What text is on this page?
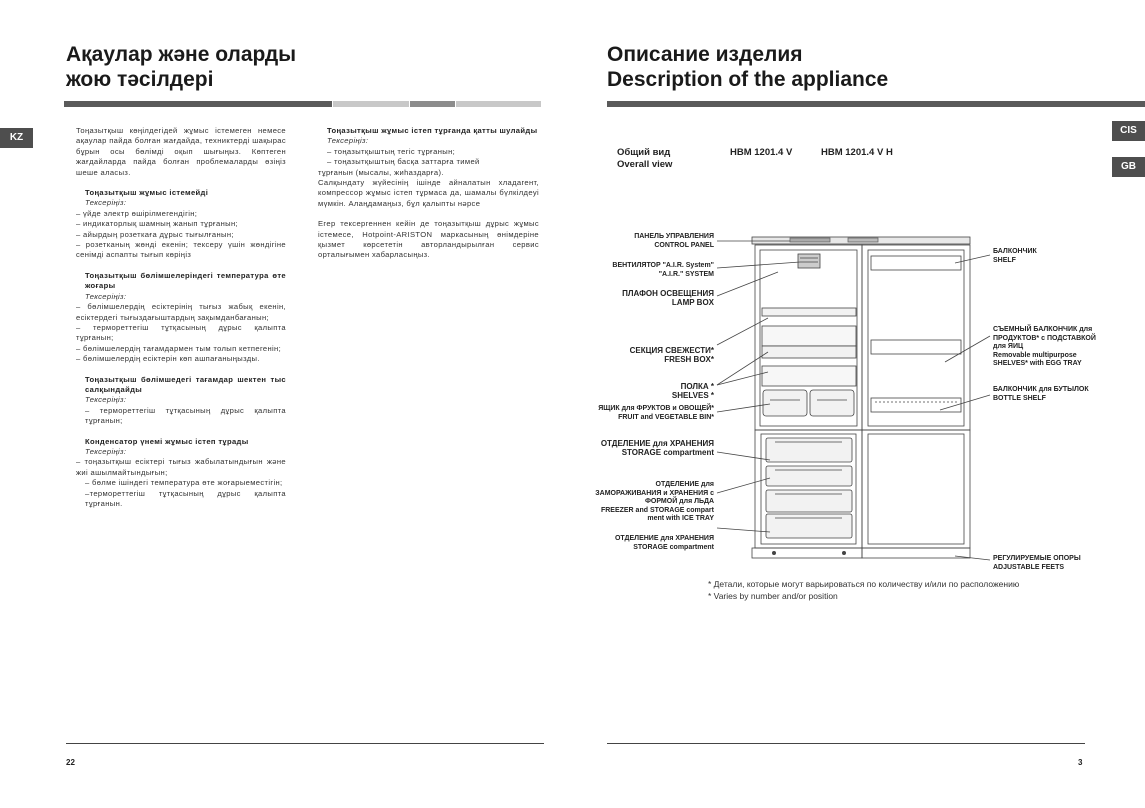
Ақаулар және оларды
жою тәсілдері
KZ

Тоңазытқыш көңілдегідей жұмыс істемеген немесе ақаулар пайда болған жағдайда, техниктерді шақырас бұрын осы бөлімді оқып шығыңыз. Көптеген жағдайларда пайда болған проблемаларды өзіңіз шеше аласыз.

Тоңазытқыш жұмыс істемейді

Тексеріңіз:

– үйде электр өшірілмегендігін;

– индикаторлық шамның жанып тұрғанын;

– айырдың розеткаға дұрыс тығылғанын;

– розетканың жөнді екенін; тексеру үшін жөндігіне сенімді аспапты тығып көріңіз

Тоңазытқыш бөлімшелеріндегі температура өте жоғары

Тексеріңіз:

– бөлімшелердің есіктерінің тығыз жабық екенін, есіктердегі тығыздағыштардың зақымданбағанын;

– термореттегіш тұтқасының дұрыс қалыпта тұрғанын;

– бөлімшелердің тағамдармен тым толып кетпегенін;

– бөлімшелердің есіктерін көп ашпағаныңызды.

Тоңазытқыш бөлімшедегі тағамдар шектен тыс салқындайды

Тексеріңіз:

– термореттегіш тұтқасының дұрыс қалыпта тұрғанын;

Конденсатор үнемі жұмыс істеп тұрады

Тексеріңіз:

– тоңазытқыш есіктері тығыз жабылатындығын және жиі ашылмайтындығын;

– бөлме ішіндегі температура өте жоғарыемеcтігін;

–термореттегіш тұтқасының дұрыс қалыпта тұрғанын.

Тоңазытқыш жұмыс істеп тұрғанда қатты шулайды

Тексеріңіз:

– тоңазытқыштың тегіс тұрғанын;

– тоңазытқыштың басқа заттарға тимей

тұрғанын (мысалы, жиһаздарға).

Салқындату жүйесінің ішінде айналатын хладагент, компрессор жұмыс істеп тұрмаса да, шамалы бүлкілдеуі мүмкін. Алаңдамаңыз, бұл қалыпты нәрсе

Егер тексергеннен кейін де тоңазытқыш дұрыс жұмыс істемесе, Hotpoint-ARISTON маркасының өнімдеріне қызмет көрсететін авторландырылған сервис орталығымен хабарласыңыз.

22
Описание изделия
Description of the appliance
CIS
GB
Общий вид
Overall view
HBM 1201.4 V	HBM 1201.4 V H
ПАНЕЛЬ УПРАВЛЕНИЯ
CONTROL PANEL

ВЕНТИЛЯТОР "A.I.R. System"
"A.I.R." SYSTEM

ПЛАФОН ОСВЕЩЕНИЯ
LAMP BOX

СЕКЦИЯ СВЕЖЕСТИ*
FRESH BOX*

ПОЛКА *
SHELVES *

ЯЩИК для ФРУКТОВ и ОВОЩЕЙ*
FRUIT and VEGETABLE BIN*

ОТДЕЛЕНИЕ для ХРАНЕНИЯ
STORAGE compartment

ОТДЕЛЕНИЕ для
ЗАМОРАЖИВАНИЯ и ХРАНЕНИЯ с
ФОРМОЙ для ЛЬДА
FREEZER and STORAGE compart
ment with ICE TRAY

ОТДЕЛЕНИЕ для ХРАНЕНИЯ
STORAGE compartment

БАЛКОНЧИК
SHELF

СЪЕМНЫЙ БАЛКОНЧИК для
ПРОДУКТОВ* с ПОДСТАВКОЙ
для ЯИЦ
Removable multipurpose
SHELVES* with EGG TRAY

БАЛКОНЧИК для БУТЫЛОК
BOTTLE SHELF

РЕГУЛИРУЕМЫЕ ОПОРЫ
ADJUSTABLE FEETS

* Детали, которые могут варьироваться по количеству и/или по расположению
* Varies by number and/or position
3
